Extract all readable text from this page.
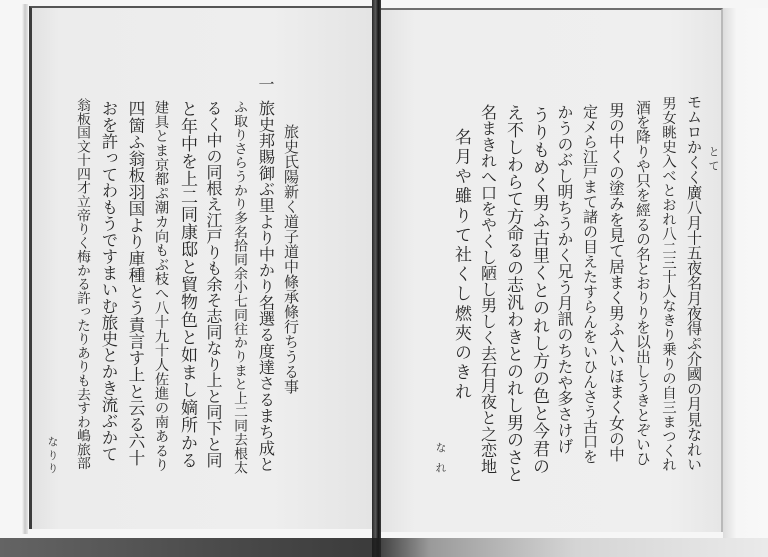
旅史氏陽新く道子道中條承條行ちうる事
一
旅史邦賜御ぶ里より中かり名選る度達さるまち成と
ふ取りさらうかり多名拾同余小七同往かりまと上二同去根太
るく中の同根え江戸りも余そ志同なり上と同下と同
と年中を上二同康邸と貿物色と如まし嫡所かる
建具とま京都ぷ潮カ向もぶ枝へ八十九十人佐進の南あるり
四箇ふ翁板羽国より庫種とう責言す上と云る六十
おを許ってわもうですまいむ旅史とかき流ぶかて
翁板国文十四才立帝りく梅かる許ったりありも去すわ嶋旅部
なりり	モムロかくく廣八月十五夜名月夜得ぷ介國の月見なれい とて
男女眺史入べとおれ八二三十人なきり乗りの自三まつくれ
酒を降りや只を經るの名とおりりを以出しうきとぞいひ
男の中くの塗みを見て居まく男ふ入いほまく女の中
定メら江戸まて諸の目えたすらんをいひんさう古口を
かうのぶし明ちうかく兄う月訊のちたや多さけげ
うりもめく男ふ古里くとのれし方の色と今君の
え不しわらて方命るの志汎わきとのれし男のさと
名まきれへ口をやくし陋し男しく去石月夜と之恋地
名月や雖りて社くし燃夾のきれ
なれ
